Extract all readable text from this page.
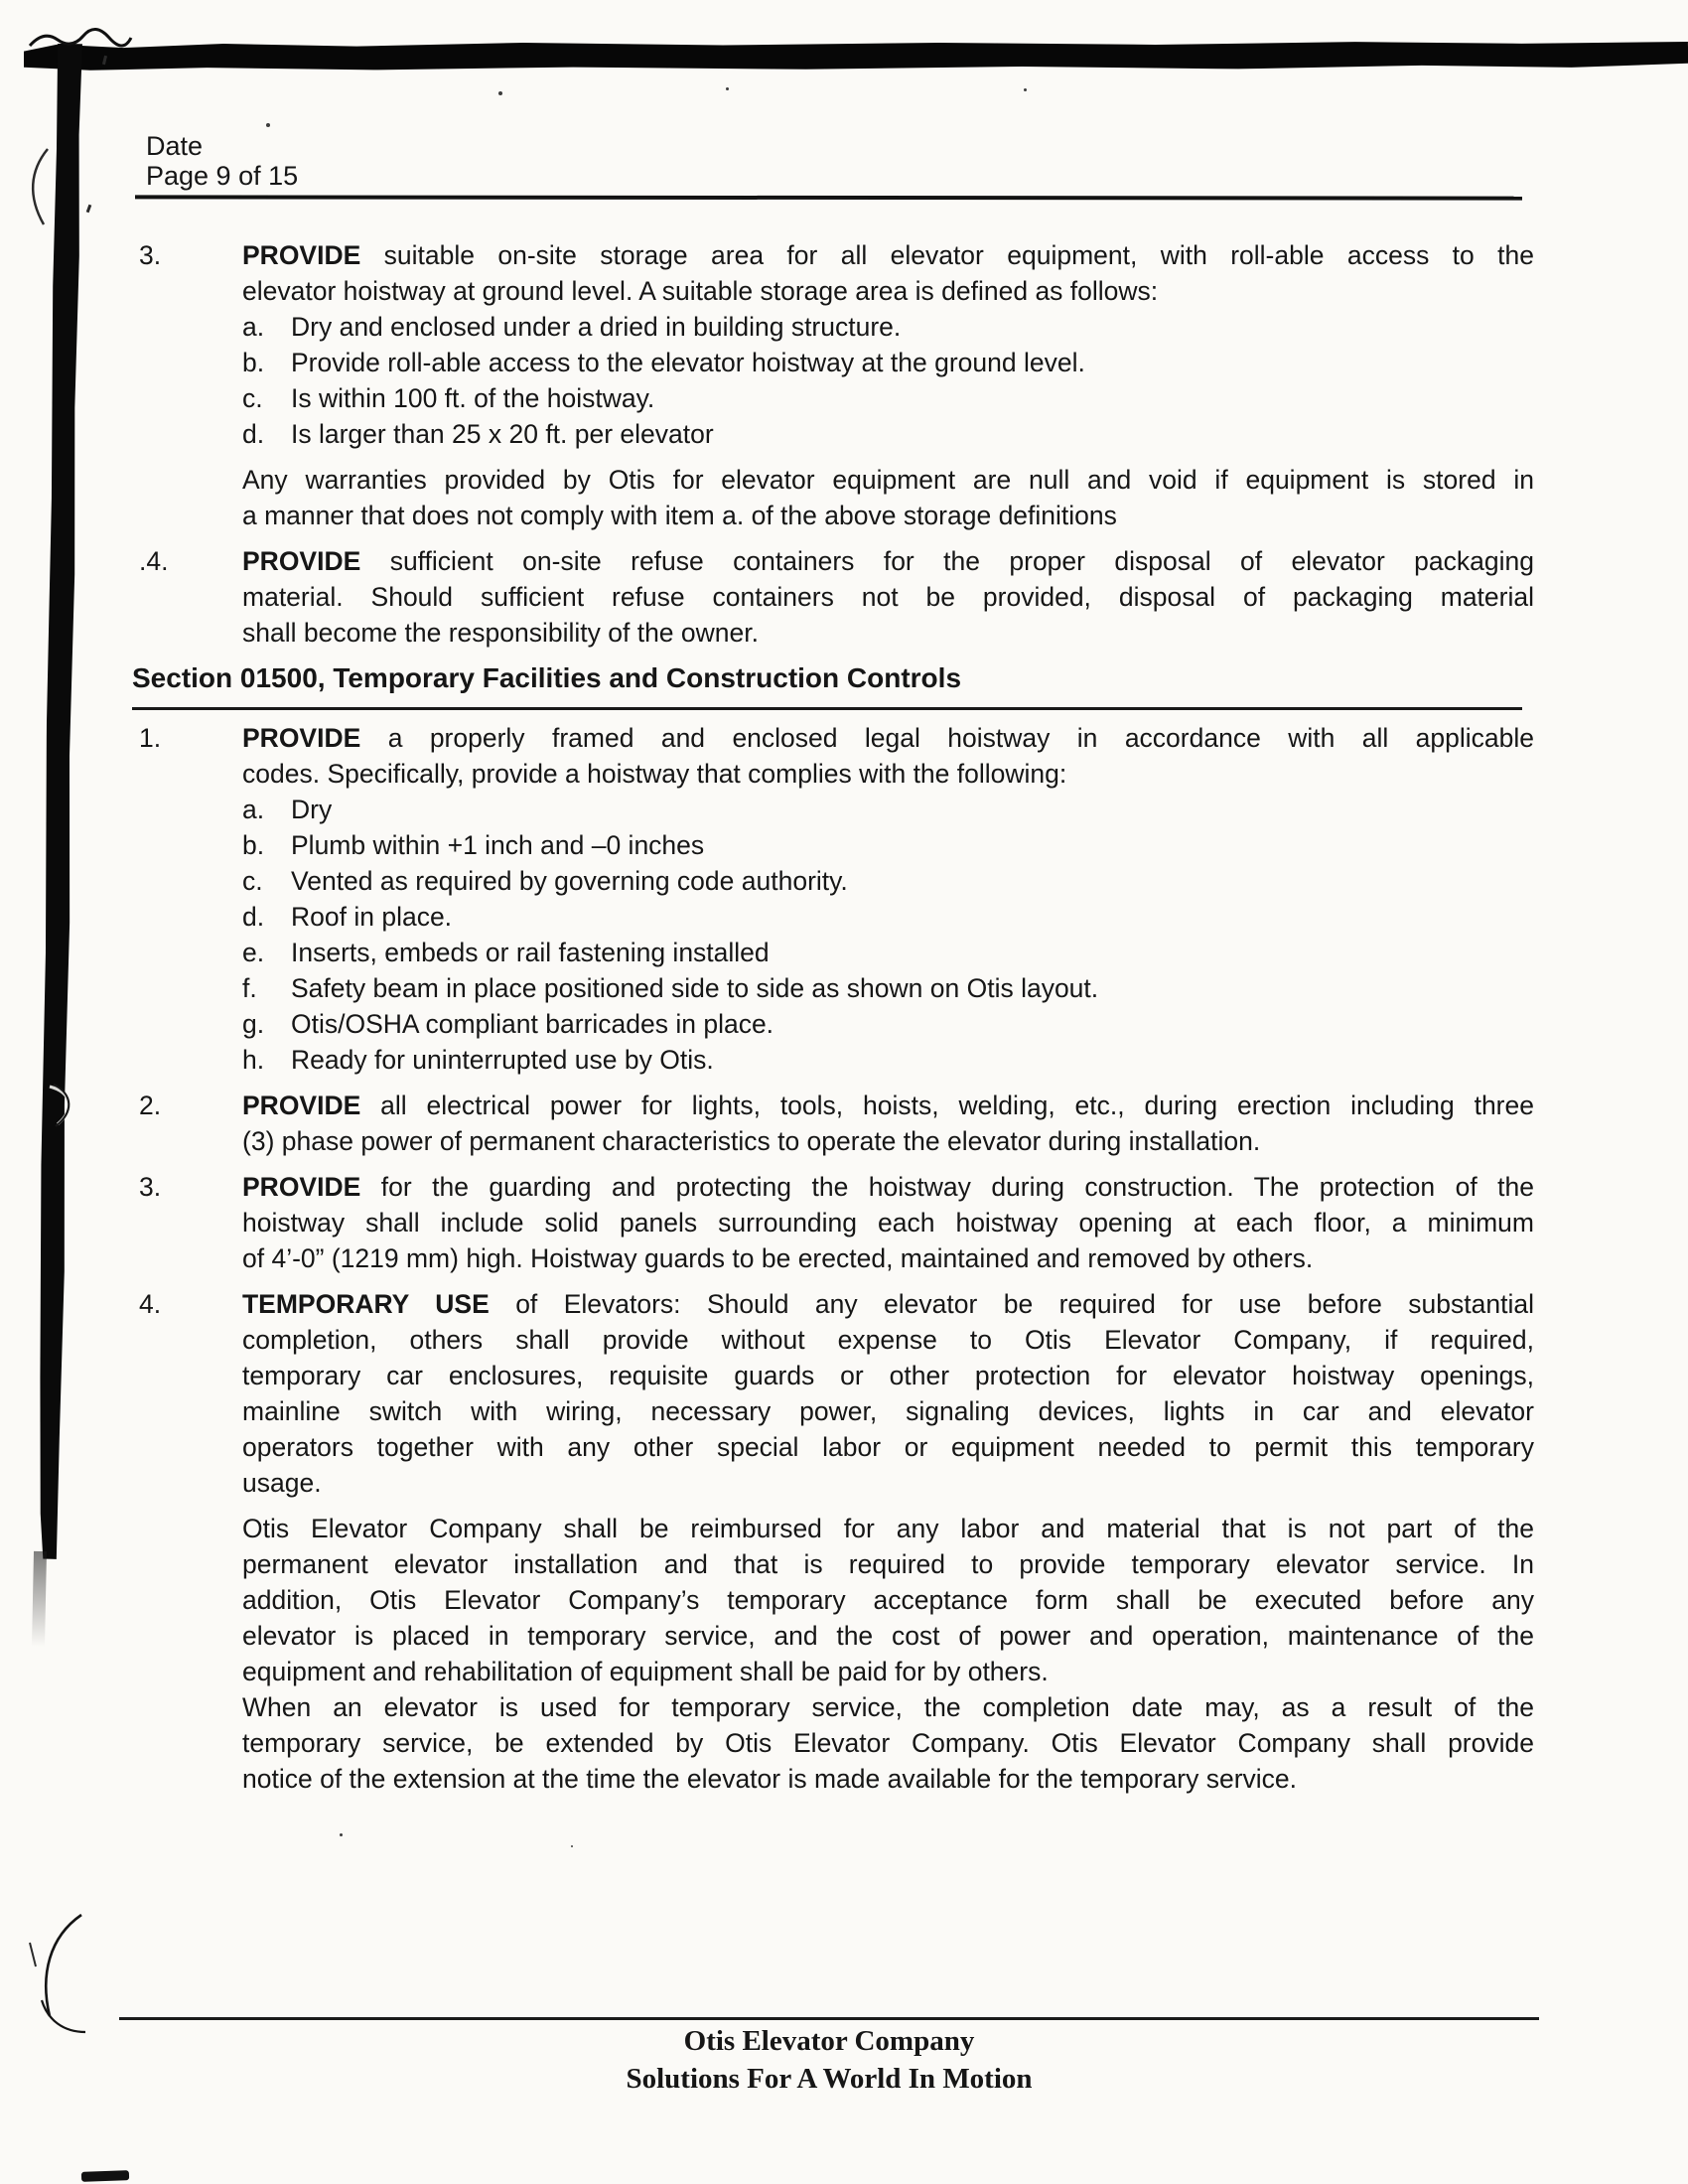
Date
Page 9 of 15
3.	PROVIDE suitable on-site storage area for all elevator equipment, with roll-able access to the
elevator hoistway at ground level. A suitable storage area is defined as follows:
a.	Dry and enclosed under a dried in building structure.
b.	Provide roll-able access to the elevator hoistway at the ground level.
c.	Is within 100 ft. of the hoistway.
d.	Is larger than 25 x 20 ft. per elevator
Any warranties provided by Otis for elevator equipment are null and void if equipment is stored in
a manner that does not comply with item a. of the above storage definitions
.4.	PROVIDE sufficient on-site refuse containers for the proper disposal of elevator packaging
material. Should sufficient refuse containers not be provided, disposal of packaging material
shall become the responsibility of the owner.
Section 01500, Temporary Facilities and Construction Controls
1.	PROVIDE a properly framed and enclosed legal hoistway in accordance with all applicable
codes. Specifically, provide a hoistway that complies with the following:
a.	Dry
b.	Plumb within +1 inch and –0 inches
c.	Vented as required by governing code authority.
d.	Roof in place.
e.	Inserts, embeds or rail fastening installed
f.	Safety beam in place positioned side to side as shown on Otis layout.
g.	Otis/OSHA compliant barricades in place.
h.	Ready for uninterrupted use by Otis.
2.	PROVIDE all electrical power for lights, tools, hoists, welding, etc., during erection including three
(3) phase power of permanent characteristics to operate the elevator during installation.
3.	PROVIDE for the guarding and protecting the hoistway during construction. The protection of the
hoistway shall include solid panels surrounding each hoistway opening at each floor, a minimum
of 4’-0” (1219 mm) high. Hoistway guards to be erected, maintained and removed by others.
4.	TEMPORARY USE of Elevators: Should any elevator be required for use before substantial
completion, others shall provide without expense to Otis Elevator Company, if required,
temporary car enclosures, requisite guards or other protection for elevator hoistway openings,
mainline switch with wiring, necessary power, signaling devices, lights in car and elevator
operators together with any other special labor or equipment needed to permit this temporary
usage.
Otis Elevator Company shall be reimbursed for any labor and material that is not part of the
permanent elevator installation and that is required to provide temporary elevator service. In
addition, Otis Elevator Company’s temporary acceptance form shall be executed before any
elevator is placed in temporary service, and the cost of power and operation, maintenance of the
equipment and rehabilitation of equipment shall be paid for by others.
When an elevator is used for temporary service, the completion date may, as a result of the
temporary service, be extended by Otis Elevator Company. Otis Elevator Company shall provide
notice of the extension at the time the elevator is made available for the temporary service.
Otis Elevator Company
Solutions For A World In Motion
